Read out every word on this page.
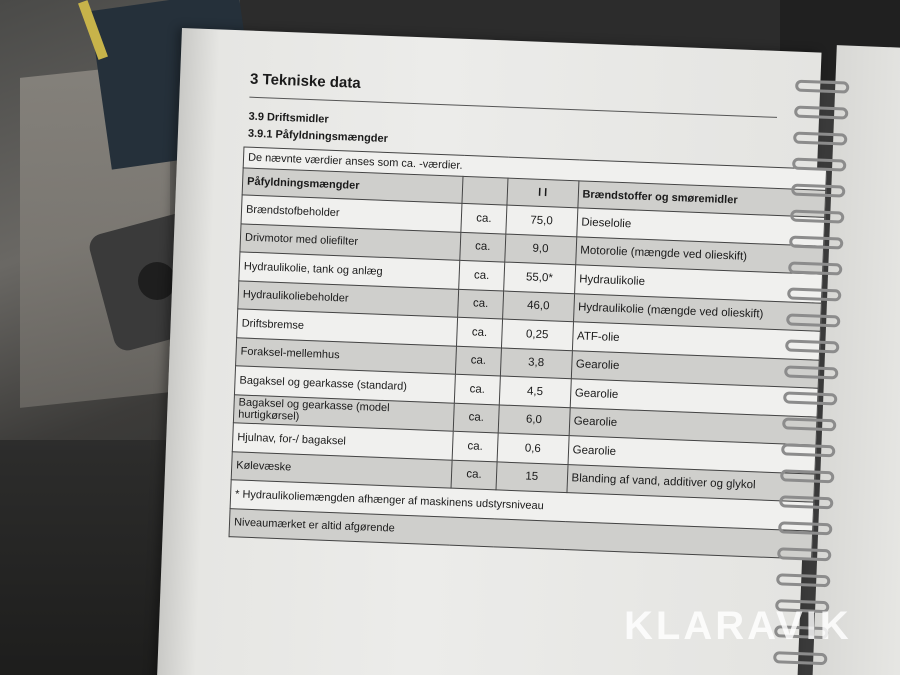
3 Tekniske data
3.9 Driftsmidler
3.9.1 Påfyldningsmængder
De nævnte værdier anses som ca. -værdier.			
Påfyldningsmængder		l l	Brændstoffer og smøremidler
Brændstofbeholder	ca.	75,0	Dieselolie
Drivmotor med oliefilter	ca.	9,0	Motorolie (mængde ved olieskift)
Hydraulikolie, tank og anlæg	ca.	55,0*	Hydraulikolie
Hydraulikoliebeholder	ca.	46,0	Hydraulikolie (mængde ved olieskift)
Driftsbremse	ca.	0,25	ATF-olie
Foraksel-mellemhus	ca.	3,8	Gearolie
Bagaksel og gearkasse (standard)	ca.	4,5	Gearolie
Bagaksel og gearkasse (model hurtigkørsel)	ca.	6,0	Gearolie
Hjulnav, for-/ bagaksel	ca.	0,6	Gearolie
Kølevæske	ca.	15	Blanding af vand, additiver og glykol
* Hydraulikoliemængden afhænger af maskinens udstyrsniveau			
Niveaumærket er altid afgørende			
KLARAVIK
